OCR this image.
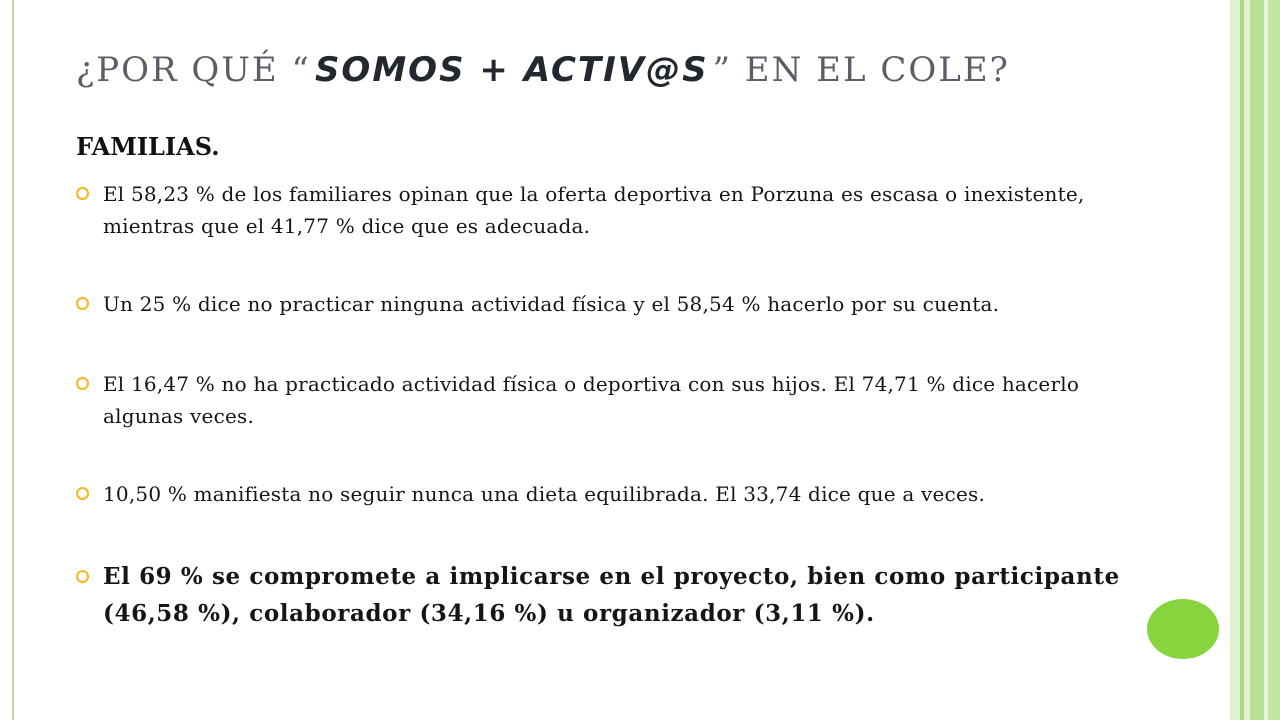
¿POR QUÉ “ SOMOS + ACTIV@S ” EN EL COLE?
FAMILIAS.
El 58,23 % de los familiares opinan que la oferta deportiva en Porzuna es escasa o inexistente, mientras que el 41,77 % dice que es adecuada.
Un 25 % dice no practicar ninguna actividad física y el 58,54 % hacerlo por su cuenta.
El 16,47 % no ha practicado actividad física o deportiva con sus hijos. El 74,71 % dice hacerlo algunas veces.
10,50 % manifiesta no seguir nunca una dieta equilibrada. El 33,74 dice que a veces.
El 69 % se compromete a implicarse en el proyecto, bien como participante (46,58 %), colaborador (34,16 %) u organizador (3,11 %).
